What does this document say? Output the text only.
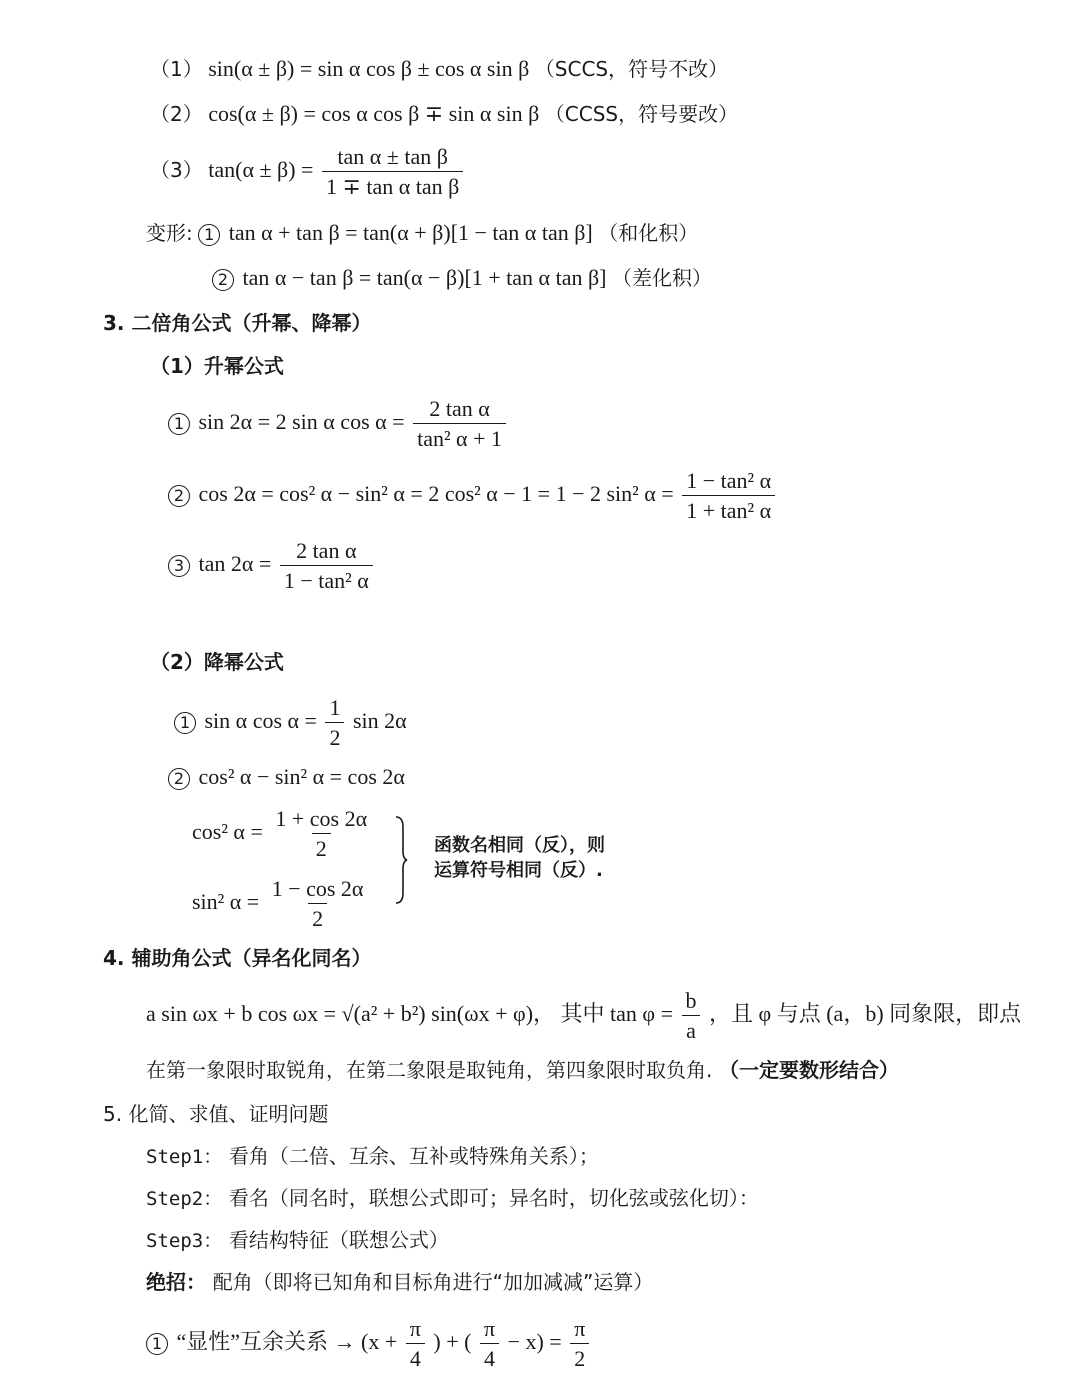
（1） sin(α ± β) = sin α cos β ± cos α sin β （SCCS，符号不改）
（2） cos(α ± β) = cos α cos β ∓ sin α sin β （CCSS，符号要改）
（3） $\tan(\alpha \pm \beta) = \frac{\text{tan α ± tan β}}{\text{1 ∓ tan α tan β}}$
变形: 1 tan α + tan β = tan(α + β)[1 − tan α tan β] （和化积）
2 tan α − tan β = tan(α − β)[1 + tan α tan β] （差化积）
3. 二倍角公式（升幂、降幂）
（1）升幂公式
1 sin 2α = 2 sin α $\cos \alpha = \frac{\text{2 tan α}}{\text{tan² α + 1}}$
2 cos 2α = cos² α − sin² α = 2 cos² α − 1 = 1 − 2 sin² $\alpha = \frac{\text{1 − tan² α}}{\text{1 + tan² α}}$
3 $\tan 2\alpha = \frac{\text{2 tan α}}{\text{1 − tan² α}}$
（2）降幂公式
1 sin α $\cos \alpha = \frac{1}{2}$ sin 2α
2 cos² α − sin² α = cos 2α
cos² $\alpha = \frac{1 + \cos 2\alpha}{2}$
sin² $\alpha = \frac{1 - \cos 2\alpha}{2}$
函数名相同（反），则
运算符号相同（反）.
4. 辅助角公式（异名化同名）
a sin ωx + b cos ωx = √(a² + b²) sin(ωx + φ)， 其中 $\tan \varphi = \frac{b}{a}$ ，且 φ 与点 (a，b) 同象限，即点
在第一象限时取锐角，在第二象限是取钝角，第四象限时取负角. （一定要数形结合）
5. 化简、求值、证明问题
Step1： 看角（二倍、互余、互补或特殊角关系）；
Step2： 看名（同名时，联想公式即可；异名时，切化弦或弦化切）：
Step3： 看结构特征（联想公式）
绝招： 配角（即将已知角和目标角进行“加加减减”运算）
1 “显性”互余关系 → ($x + \frac{\pi}{4}$ ) + ( $\frac{\pi}{4} - x) = \frac{\pi}{2}$
